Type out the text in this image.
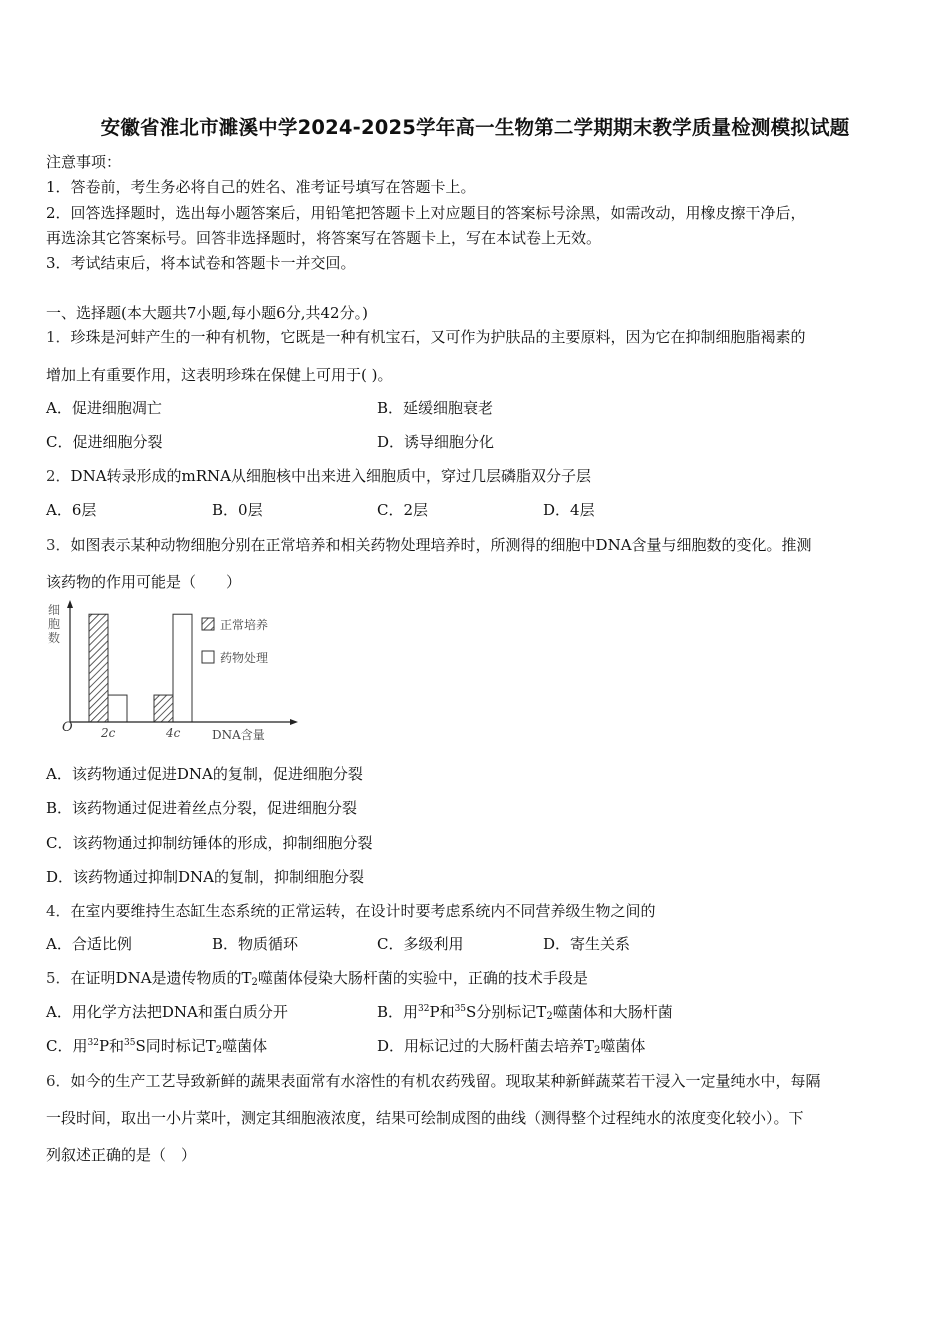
安徽省淮北市濉溪中学2024-2025学年高一生物第二学期期末教学质量检测模拟试题
注意事项：
1．答卷前，考生务必将自己的姓名、准考证号填写在答题卡上。
2．回答选择题时，选出每小题答案后，用铅笔把答题卡上对应题目的答案标号涂黑，如需改动，用橡皮擦干净后，
再选涂其它答案标号。回答非选择题时，将答案写在答题卡上，写在本试卷上无效。
3．考试结束后，将本试卷和答题卡一并交回。
一、选择题(本大题共7小题,每小题6分,共42分。)
1．珍珠是河蚌产生的一种有机物，它既是一种有机宝石，又可作为护肤品的主要原料，因为它在抑制细胞脂褐素的
增加上有重要作用，这表明珍珠在保健上可用于( )。
A．促进细胞凋亡	B．延缓细胞衰老
C．促进细胞分裂	D．诱导细胞分化
2．DNA转录形成的mRNA从细胞核中出来进入细胞质中，穿过几层磷脂双分子层
A．6层	B．0层	C．2层	D．4层
3．如图表示某种动物细胞分别在正常培养和相关药物处理培养时，所测得的细胞中DNA含量与细胞数的变化。推测
该药物的作用可能是（　　）
O
细胞数
DNA含量
2c	4c
正常培养
药物处理
A．该药物通过促进DNA的复制，促进细胞分裂
B．该药物通过促进着丝点分裂，促进细胞分裂
C．该药物通过抑制纺锤体的形成，抑制细胞分裂
D．该药物通过抑制DNA的复制，抑制细胞分裂
4．在室内要维持生态缸生态系统的正常运转，在设计时要考虑系统内不同营养级生物之间的
A．合适比例	B．物质循环	C．多级利用	D．寄生关系
5．在证明DNA是遗传物质的$T_2$噬菌体侵染大肠杆菌的实验中，正确的技术手段是
A．用化学方法把DNA和蛋白质分开	B．用$^{32}$P和$^{35}$S分别标记$T_2$噬菌体和大肠杆菌
C．用$^{32}$P和$^{35}$S同时标记$T_2$噬菌体	D．用标记过的大肠杆菌去培养$T_2$噬菌体
6．如今的生产工艺导致新鲜的蔬果表面常有水溶性的有机农药残留。现取某种新鲜蔬菜若干浸入一定量纯水中，每隔
一段时间，取出一小片菜叶，测定其细胞液浓度，结果可绘制成图的曲线（测得整个过程纯水的浓度变化较小）。下
列叙述正确的是（　）
